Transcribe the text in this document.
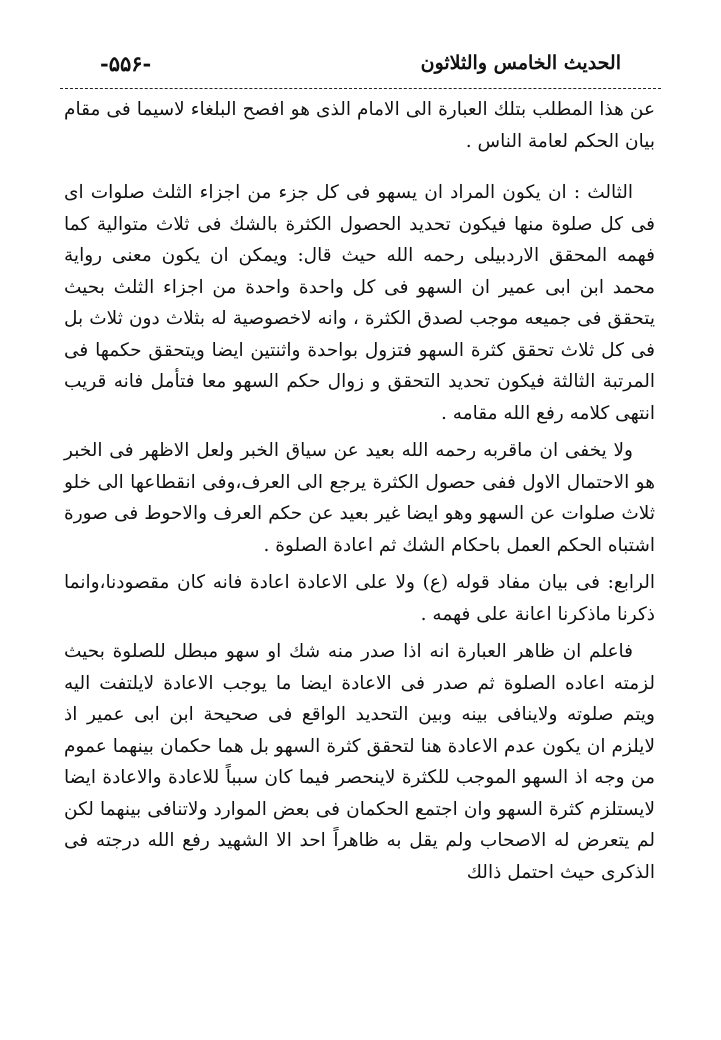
الحديث الخامس والثلاثون
-۵۵۶-

عن هذا المطلب بتلك العبارة الى الامام الذى هو افصح البلغاء لاسيما فى مقام بيان الحكم لعامة الناس .

الثالث : ان يكون المراد ان يسهو فى كل جزء من اجزاء الثلث صلوات اى فى كل صلوة منها فيكون تحديد الحصول الكثرة بالشك فى ثلاث متوالية كما فهمه المحقق الاردبيلى رحمه الله حيث قال: ويمكن ان يكون معنى رواية محمد ابن ابى عمير ان السهو فى كل واحدة واحدة من اجزاء الثلث بحيث يتحقق فى جميعه موجب لصدق الكثرة ، وانه لاخصوصية له بثلاث دون ثلاث بل فى كل ثلاث تحقق كثرة السهو فتزول بواحدة واثنتين ايضا ويتحقق حكمها فى المرتبة الثالثة فيكون تحديد التحقق و زوال حكم السهو معا فتأمل فانه قريب انتهى كلامه رفع الله مقامه .

ولا يخفى ان ماقربه رحمه الله بعيد عن سياق الخبر ولعل الاظهر فى الخبر هو الاحتمال الاول ففى حصول الكثرة يرجع الى العرف،وفى انقطاعها الى خلو ثلاث صلوات عن السهو وهو ايضا غير بعيد عن حكم العرف والاحوط فى صورة اشتباه الحكم العمل باحكام الشك ثم اعادة الصلوة .

الرابع: فى بيان مفاد قوله (ع) ولا على الاعادة اعادة فانه كان مقصودنا،وانما ذكرنا ماذكرنا اعانة على فهمه .

فاعلم ان ظاهر العبارة انه اذا صدر منه شك او سهو مبطل للصلوة بحيث لزمته اعاده الصلوة ثم صدر فى الاعادة ايضا ما يوجب الاعادة لايلتفت اليه ويتم صلوته ولاينافى بينه وبين التحديد الواقع فى صحيحة ابن ابى عمير اذ لايلزم ان يكون عدم الاعادة هنا لتحقق كثرة السهو بل هما حكمان بينهما عموم من وجه اذ السهو الموجب للكثرة لاينحصر فيما كان سبباً للاعادة والاعادة ايضا لايستلزم كثرة السهو وان اجتمع الحكمان فى بعض الموارد ولاتنافى بينهما لكن لم يتعرض له الاصحاب ولم يقل به ظاهراً احد الا الشهيد رفع الله درجته فى الذكرى حيث احتمل ذالك
